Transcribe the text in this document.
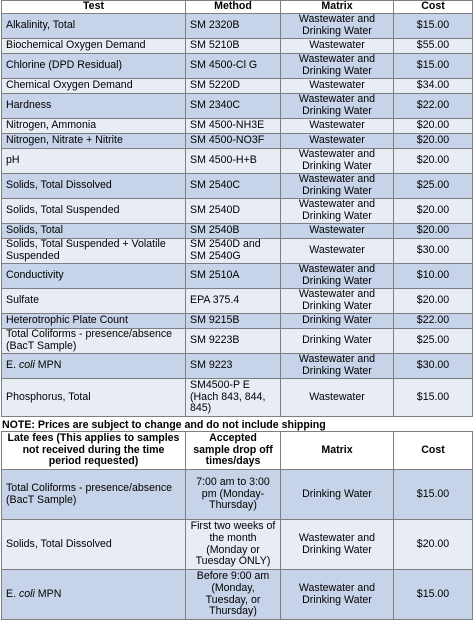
Test	Method	Matrix	Cost
Alkalinity, Total	SM 2320B	Wastewater and Drinking Water	$15.00
Biochemical Oxygen Demand	SM 5210B	Wastewater	$55.00
Chlorine (DPD Residual)	SM 4500-Cl G	Wastewater and Drinking Water	$15.00
Chemical Oxygen Demand	SM 5220D	Wastewater	$34.00
Hardness	SM 2340C	Wastewater and Drinking Water	$22.00
Nitrogen, Ammonia	SM 4500-NH3E	Wastewater	$20.00
Nitrogen, Nitrate + Nitrite	SM 4500-NO3F	Wastewater	$20.00
pH	SM 4500-H+B	Wastewater and Drinking Water	$20.00
Solids, Total Dissolved	SM 2540C	Wastewater and Drinking Water	$25.00
Solids, Total Suspended	SM 2540D	Wastewater and Drinking Water	$20.00
Solids, Total	SM 2540B	Wastewater	$20.00
Solids, Total Suspended + Volatile Suspended	SM 2540D and SM 2540G	Wastewater	$30.00
Conductivity	SM 2510A	Wastewater and Drinking Water	$10.00
Sulfate	EPA 375.4	Wastewater and Drinking Water	$20.00
Heterotrophic Plate Count	SM 9215B	Drinking Water	$22.00
Total Coliforms - presence/absence (BacT Sample)	SM 9223B	Drinking Water	$25.00
E. coli MPN	SM 9223	Wastewater and Drinking Water	$30.00
Phosphorus, Total	SM4500-P E (Hach 843, 844, 845)	Wastewater	$15.00
NOTE: Prices are subject to change and do not include shipping
Late fees (This applies to samples not received during the time period requested)	Accepted sample drop off times/days	Matrix	Cost
Total Coliforms - presence/absence (BacT Sample)	7:00 am to 3:00 pm (Monday-Thursday)	Drinking Water	$15.00
Solids, Total Dissolved	First two weeks of the month (Monday or Tuesday ONLY)	Wastewater and Drinking Water	$20.00
E. coli MPN	Before 9:00 am (Monday, Tuesday, or Thursday)	Wastewater and Drinking Water	$15.00
